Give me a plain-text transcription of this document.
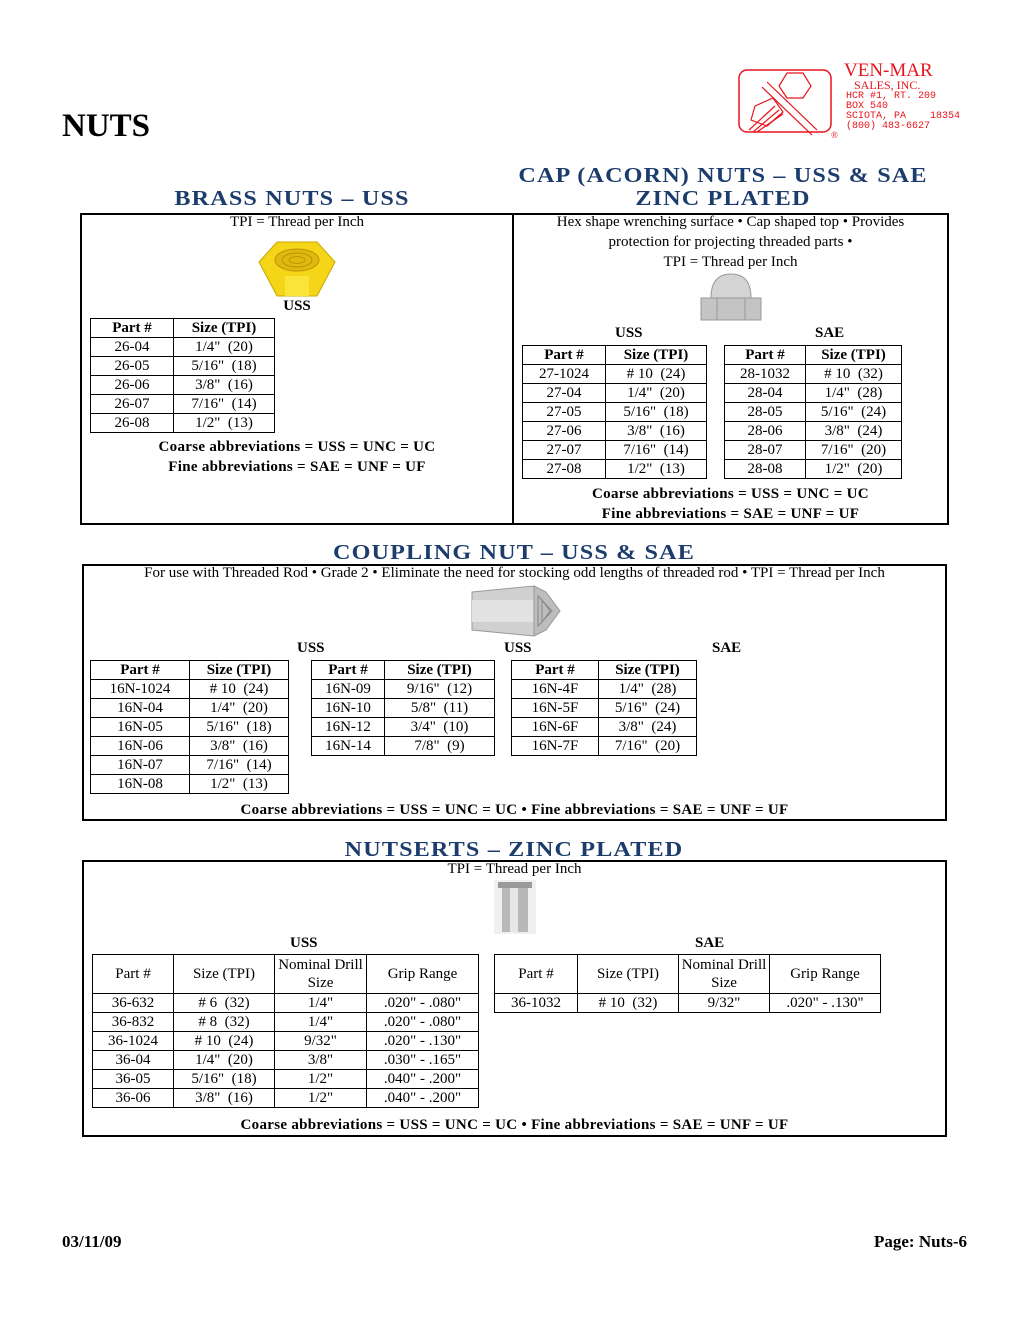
NUTS	®
VEN-MAR
SALES, INC.
HCR #1, RT. 209
BOX 540
SCIOTA, PA    18354
(800) 483-6627
BRASS NUTS – USS
CAP (ACORN) NUTS – USS & SAE
ZINC PLATED
TPI = Thread per Inch
USS
Part #	Size (TPI)
26-04	1/4"  (20)
26-05	5/16"  (18)
26-06	3/8"  (16)
26-07	7/16"  (14)
26-08	1/2"  (13)
Coarse abbreviations = USS = UNC = UC
Fine abbreviations = SAE = UNF = UF
Hex shape wrenching surface • Cap shaped top • Provides
protection for projecting threaded parts •
TPI = Thread per Inch
USS	SAE
Part #	Size (TPI)
27-1024	# 10  (24)
27-04	1/4"  (20)
27-05	5/16"  (18)
27-06	3/8"  (16)
27-07	7/16"  (14)
27-08	1/2"  (13)
Part #	Size (TPI)
28-1032	# 10  (32)
28-04	1/4"  (28)
28-05	5/16"  (24)
28-06	3/8"  (24)
28-07	7/16"  (20)
28-08	1/2"  (20)
Coarse abbreviations = USS = UNC = UC
Fine abbreviations = SAE = UNF = UF
COUPLING NUT – USS & SAE
For use with Threaded Rod • Grade 2 • Eliminate the need for stocking odd lengths of threaded rod • TPI = Thread per Inch
USS	USS	SAE
Part #	Size (TPI)
16N-1024	# 10  (24)
16N-04	1/4"  (20)
16N-05	5/16"  (18)
16N-06	3/8"  (16)
16N-07	7/16"  (14)
16N-08	1/2"  (13)
Part #	Size (TPI)
16N-09	9/16"  (12)
16N-10	5/8"  (11)
16N-12	3/4"  (10)
16N-14	7/8"  (9)
Part #	Size (TPI)
16N-4F	1/4"  (28)
16N-5F	5/16"  (24)
16N-6F	3/8"  (24)
16N-7F	7/16"  (20)
Coarse abbreviations = USS = UNC = UC • Fine abbreviations = SAE = UNF = UF
NUTSERTS – ZINC PLATED
TPI = Thread per Inch
USS	SAE
Part #	Size (TPI)	Nominal Drill Size	Grip Range
36-632	# 6  (32)	1/4"	.020" - .080"
36-832	# 8  (32)	1/4"	.020" - .080"
36-1024	# 10  (24)	9/32"	.020" - .130"
36-04	1/4"  (20)	3/8"	.030" - .165"
36-05	5/16"  (18)	1/2"	.040" - .200"
36-06	3/8"  (16)	1/2"	.040" - .200"
Part #	Size (TPI)	Nominal Drill Size	Grip Range
36-1032	# 10  (32)	9/32"	.020" - .130"
Coarse abbreviations = USS = UNC = UC • Fine abbreviations = SAE = UNF = UF
03/11/09	Page: Nuts-6
